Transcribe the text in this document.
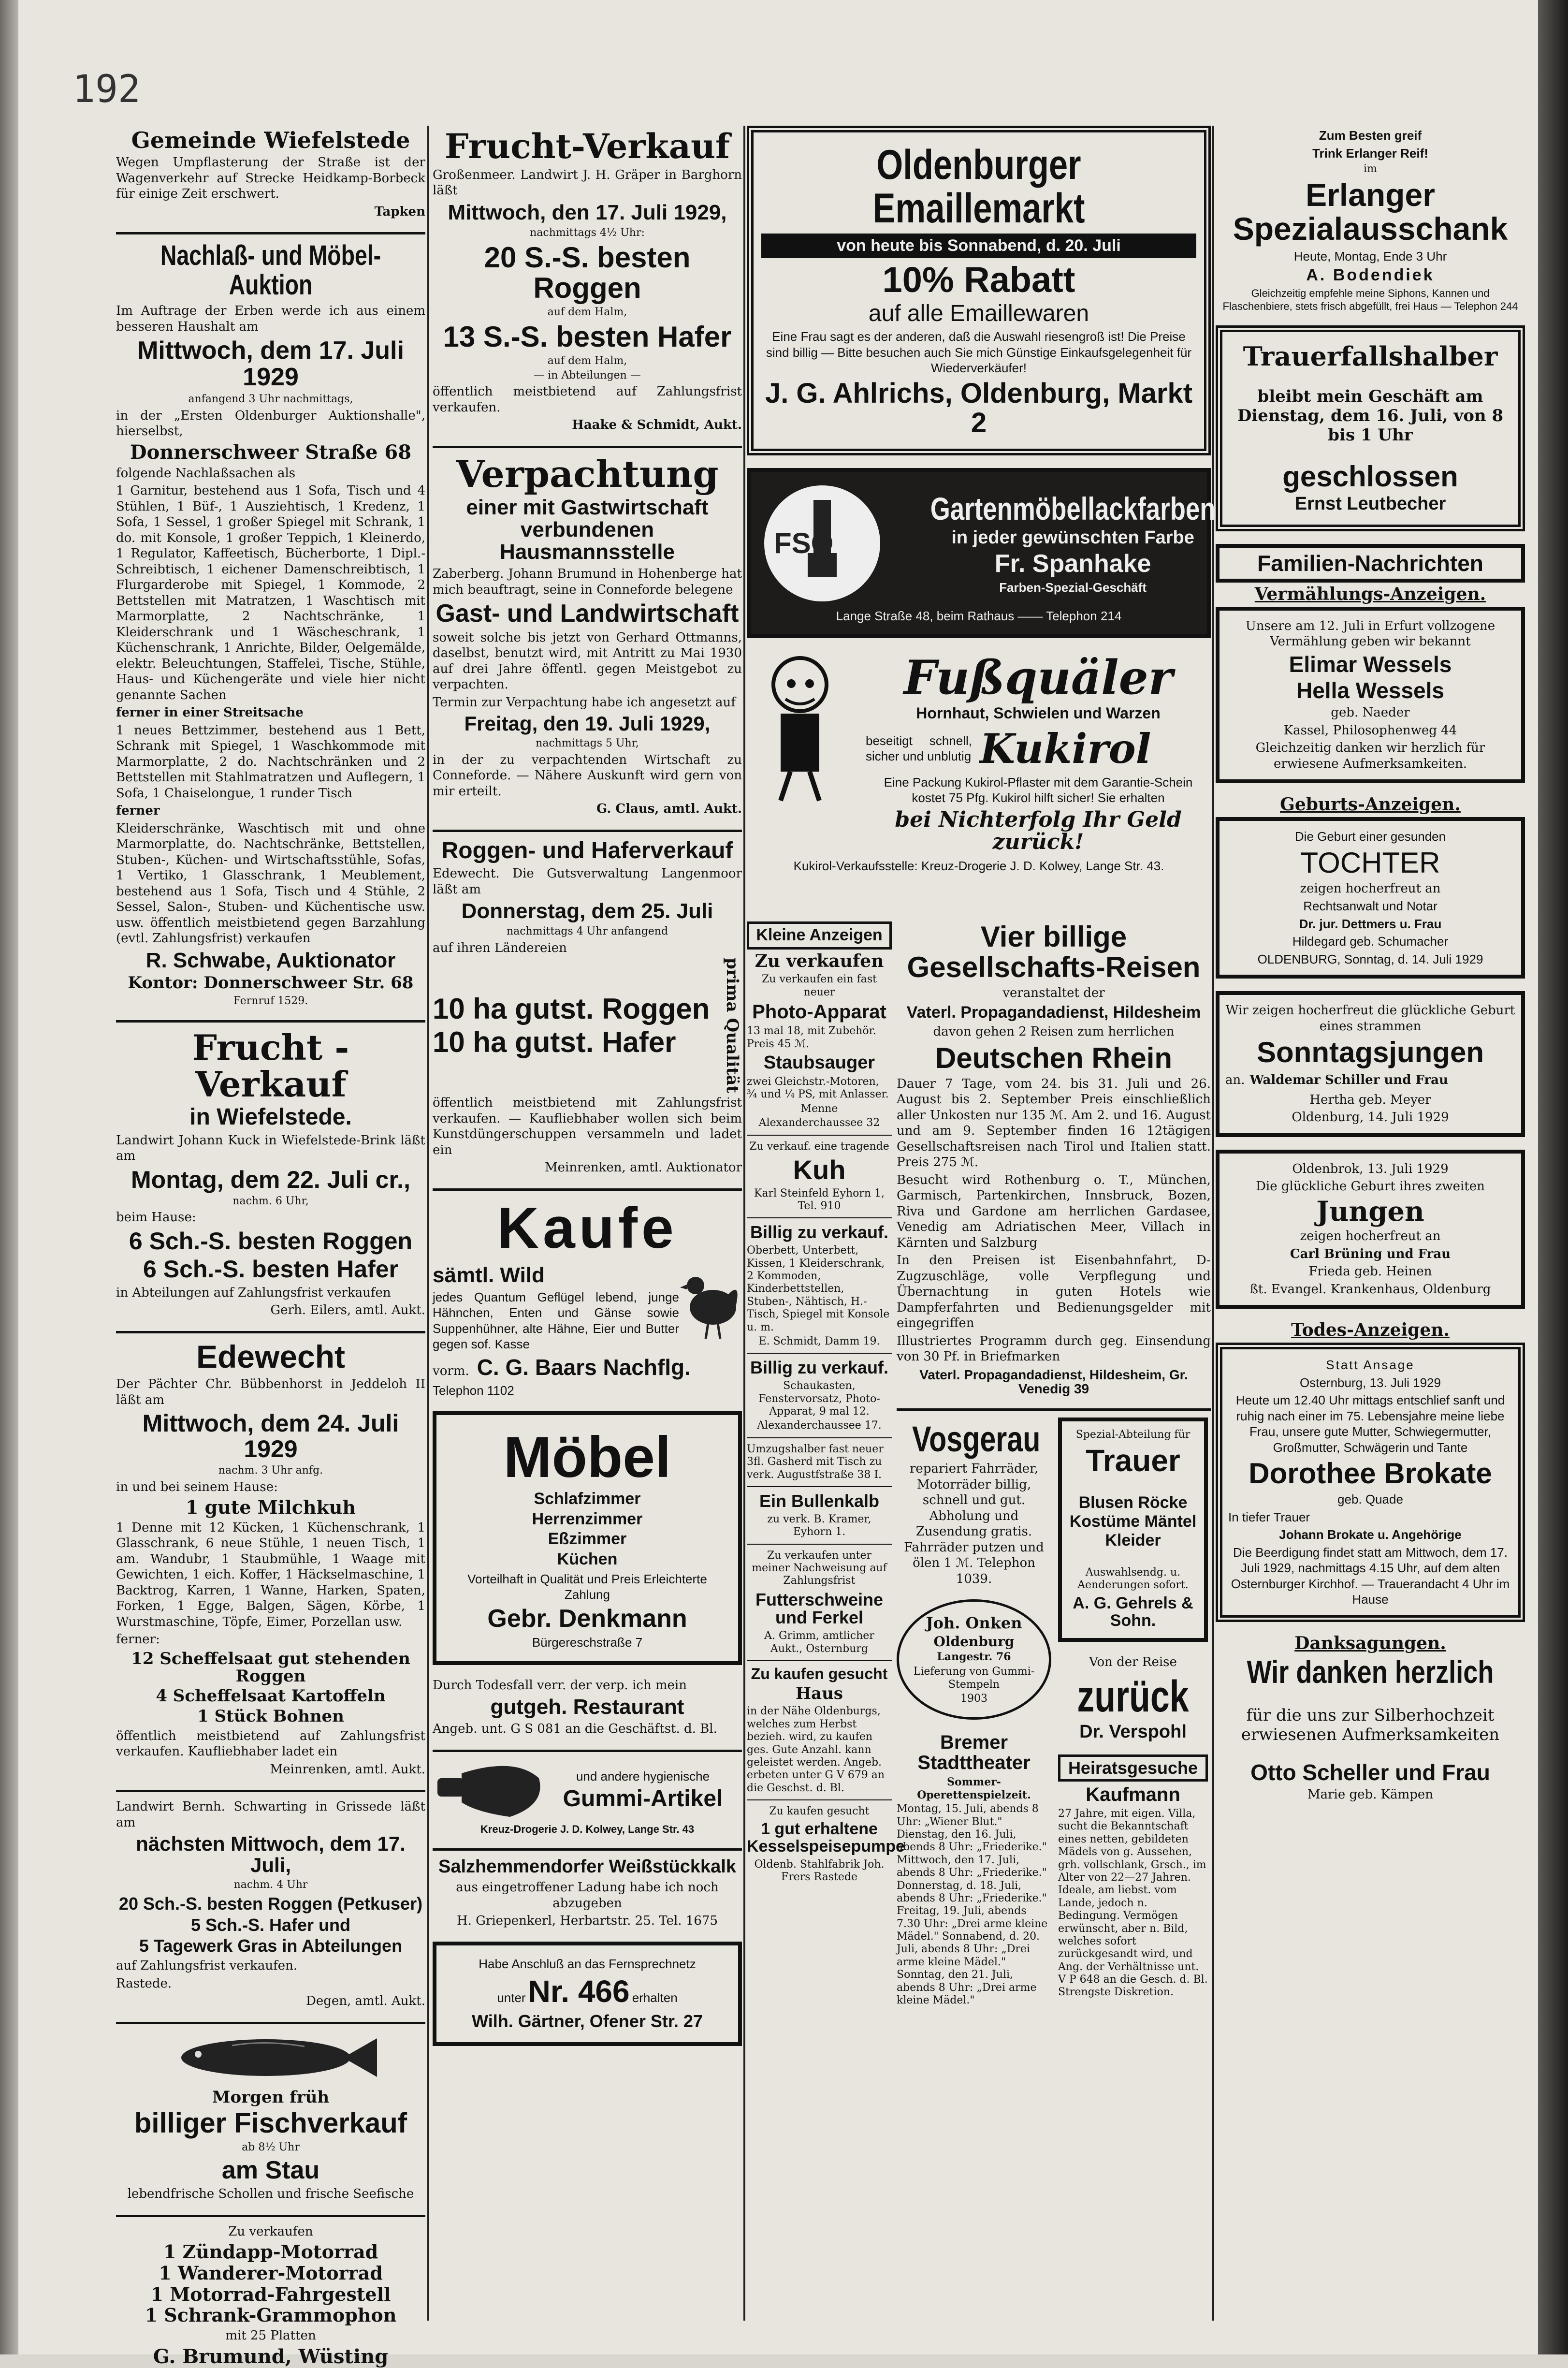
192
Gemeinde Wiefelstede

Wegen Umpflasterung der Straße ist der Wagenverkehr auf Strecke Heidkamp-Borbeck für einige Zeit erschwert.

Tapken

Nachlaß- und Möbel-Auktion

Im Auftrage der Erben werde ich aus einem besseren Haushalt am

Mittwoch, dem 17. Juli 1929

anfangend 3 Uhr nachmittags,

in der „Ersten Oldenburger Auktionshalle", hierselbst,

Donnerschweer Straße 68

folgende Nachlaßsachen als

1 Garnitur, bestehend aus 1 Sofa, Tisch und 4 Stühlen, 1 Büf-, 1 Ausziehtisch, 1 Kredenz, 1 Sofa, 1 Sessel, 1 großer Spiegel mit Schrank, 1 do. mit Konsole, 1 großer Teppich, 1 Kleinerdo, 1 Regulator, Kaffeetisch, Bücherborte, 1 Dipl.-Schreibtisch, 1 eichener Damenschreibtisch, 1 Flurgarderobe mit Spiegel, 1 Kommode, 2 Bettstellen mit Matratzen, 1 Waschtisch mit Marmorplatte, 2 Nachtschränke, 1 Kleiderschrank und 1 Wäscheschrank, 1 Küchenschrank, 1 Anrichte, Bilder, Oelgemälde, elektr. Beleuchtungen, Staffelei, Tische, Stühle, Haus- und Küchengeräte und viele hier nicht genannte Sachen

ferner in einer Streitsache

1 neues Bettzimmer, bestehend aus 1 Bett, Schrank mit Spiegel, 1 Waschkommode mit Marmorplatte, 2 do. Nachtschränken und 2 Bettstellen mit Stahlmatratzen und Auflegern, 1 Sofa, 1 Chaiselongue, 1 runder Tisch

ferner

Kleiderschränke, Waschtisch mit und ohne Marmorplatte, do. Nachtschränke, Bettstellen, Stuben-, Küchen- und Wirtschaftsstühle, Sofas, 1 Vertiko, 1 Glasschrank, 1 Meublement, bestehend aus 1 Sofa, Tisch und 4 Stühle, 2 Sessel, Salon-, Stuben- und Küchentische usw. usw. öffentlich meistbietend gegen Barzahlung (evtl. Zahlungsfrist) verkaufen

R. Schwabe, Auktionator
Kontor: Donnerschweer Str. 68

Fernruf 1529.

Frucht - Verkauf
in Wiefelstede.

Landwirt Johann Kuck in Wiefelstede-Brink läßt am

Montag, dem 22. Juli cr.,

nachm. 6 Uhr,

beim Hause:

6 Sch.-S. besten Roggen
6 Sch.-S. besten Hafer

in Abteilungen auf Zahlungsfrist verkaufen

Gerh. Eilers, amtl. Aukt.

Edewecht

Der Pächter Chr. Bübbenhorst in Jeddeloh II läßt am

Mittwoch, dem 24. Juli 1929

nachm. 3 Uhr anfg.

in und bei seinem Hause:

1 gute Milchkuh

1 Denne mit 12 Kücken, 1 Küchenschrank, 1 Glasschrank, 6 neue Stühle, 1 neuen Tisch, 1 am. Wandubr, 1 Staubmühle, 1 Waage mit Gewichten, 1 eich. Koffer, 1 Häckselmaschine, 1 Backtrog, Karren, 1 Wanne, Harken, Spaten, Forken, 1 Egge, Balgen, Sägen, Körbe, 1 Wurstmaschine, Töpfe, Eimer, Porzellan usw.

ferner:

12 Scheffelsaat gut stehenden Roggen
4 Scheffelsaat Kartoffeln
1 Stück Bohnen

öffentlich meistbietend auf Zahlungsfrist verkaufen. Kaufliebhaber ladet ein

Meinrenken, amtl. Aukt.

Landwirt Bernh. Schwarting in Grissede läßt am

nächsten Mittwoch, dem 17. Juli,

nachm. 4 Uhr

20 Sch.-S. besten Roggen (Petkuser)
5 Sch.-S. Hafer und
5 Tagewerk Gras in Abteilungen

auf Zahlungsfrist verkaufen.

Rastede.

Degen, amtl. Aukt.

Morgen früh
billiger Fischverkauf

ab 8½ Uhr

am Stau

lebendfrische Schollen und frische Seefische

Zu verkaufen

1 Zündapp-Motorrad
1 Wanderer-Motorrad
1 Motorrad-Fahrgestell
1 Schrank-Grammophon

mit 25 Platten

G. Brumund, Wüsting
Frucht-Verkauf

Großenmeer. Landwirt J. H. Gräper in Barghorn läßt

Mittwoch, den 17. Juli 1929,

nachmittags 4½ Uhr:

20 S.-S. besten Roggen

auf dem Halm,

13 S.-S. besten Hafer

auf dem Halm,

— in Abteilungen —

öffentlich meistbietend auf Zahlungsfrist verkaufen.

Haake & Schmidt, Aukt.

Verpachtung
einer mit Gastwirtschaft verbundenen Hausmannsstelle

Zaberberg. Johann Brumund in Hohenberge hat mich beauftragt, seine in Conneforde belegene

Gast- und Landwirtschaft

soweit solche bis jetzt von Gerhard Ottmanns, daselbst, benutzt wird, mit Antritt zu Mai 1930 auf drei Jahre öffentl. gegen Meistgebot zu verpachten.

Termin zur Verpachtung habe ich angesetzt auf

Freitag, den 19. Juli 1929,

nachmittags 5 Uhr,

in der zu verpachtenden Wirtschaft zu Conneforde. — Nähere Auskunft wird gern von mir erteilt.

G. Claus, amtl. Aukt.

Roggen- und Haferverkauf

Edewecht. Die Gutsverwaltung Langenmoor läßt am

Donnerstag, dem 25. Juli

nachmittags 4 Uhr anfangend

auf ihren Ländereien

10 ha gutst. Roggen
10 ha gutst. Hafer	prima Qualität

öffentlich meistbietend mit Zahlungsfrist verkaufen. — Kaufliebhaber wollen sich beim Kunstdüngerschuppen versammeln und ladet ein

Meinrenken, amtl. Auktionator

Kaufe
sämtl. Wild

jedes Quantum Geflügel lebend, junge Hähnchen, Enten und Gänse sowie Suppenhühner, alte Hähne, Eier und Butter gegen sof. Kasse

vorm. C. G. Baars Nachflg.

Telephon 1102

Möbel
Schlafzimmer
Herrenzimmer
Eßzimmer
Küchen

Vorteilhaft in Qualität und Preis Erleichterte Zahlung

Gebr. Denkmann

Bürgereschstraße 7

Durch Todesfall verr. der verp. ich mein

gutgeh. Restaurant

Angeb. unt. G S 081 an die Geschäftst. d. Bl.

und andere hygienische

Gummi-Artikel

Kreuz-Drogerie J. D. Kolwey, Lange Str. 43

Salzhemmendorfer Weißstückkalk

aus eingetroffener Ladung habe ich noch abzugeben

H. Griepenkerl, Herbartstr. 25. Tel. 1675

Habe Anschluß an das Fernsprechnetz

unter Nr. 466 erhalten
Wilh. Gärtner, Ofener Str. 27
Oldenburger Emaillemarkt
von heute bis Sonnabend, d. 20. Juli
10% Rabatt
auf alle Emaillewaren

Eine Frau sagt es der anderen, daß die Auswahl riesengroß ist! Die Preise sind billig — Bitte besuchen auch Sie mich Günstige Einkaufsgelegenheit für Wiederverkäufer!

J. G. Ahlrichs, Oldenburg, Markt 2
FSO
Gartenmöbellackfarben
in jeder gewünschten Farbe
Fr. Spanhake

Farben-Spezial-Geschäft

Lange Straße 48, beim Rathaus —— Telephon 214

Fußquäler
Hornhaut, Schwielen und Warzen

beseitigt schnell, sicher und unblutig Kukirol

Eine Packung Kukirol-Pflaster mit dem Garantie-Schein kostet 75 Pfg. Kukirol hilft sicher! Sie erhalten

bei Nichterfolg Ihr Geld zurück!

Kukirol-Verkaufsstelle: Kreuz-Drogerie J. D. Kolwey, Lange Str. 43.

Kleine Anzeigen
Zu verkaufen

Zu verkaufen ein fast neuer

Photo-Apparat

13 mal 18, mit Zubehör. Preis 45 ℳ.

Staubsauger

zwei Gleichstr.-Motoren, ¾ und ¼ PS, mit Anlasser.

Menne

Alexanderchaussee 32

Zu verkauf. eine tragende

Kuh

Karl Steinfeld Eyhorn 1, Tel. 910

Billig zu verkauf.

Oberbett, Unterbett, Kissen, 1 Kleiderschrank, 2 Kommoden, Kinderbettstellen, Stuben-, Nähtisch, H.-Tisch, Spiegel mit Konsole u. m.

E. Schmidt, Damm 19.

Billig zu verkauf.

Schaukasten, Fenstervorsatz, Photo-Apparat, 9 mal 12.

Alexanderchaussee 17.

Umzugshalber fast neuer 3fl. Gasherd mit Tisch zu verk. Augustfstraße 38 I.

Ein Bullenkalb

zu verk. B. Kramer, Eyhorn 1.

Zu verkaufen unter meiner Nachweisung auf Zahlungsfrist

Futterschweine und Ferkel

A. Grimm, amtlicher Aukt., Osternburg

Zu kaufen gesucht
Haus

in der Nähe Oldenburgs, welches zum Herbst bezieh. wird, zu kaufen ges. Gute Anzahl. kann geleistet werden. Angeb. erbeten unter G V 679 an die Geschst. d. Bl.

Zu kaufen gesucht

1 gut erhaltene Kesselspeisepumpe

Oldenb. Stahlfabrik Joh. Frers Rastede

Vier billige Gesellschafts-Reisen

veranstaltet der

Vaterl. Propagandadienst, Hildesheim

davon gehen 2 Reisen zum herrlichen

Deutschen Rhein

Dauer 7 Tage, vom 24. bis 31. Juli und 26. August bis 2. September Preis einschließlich aller Unkosten nur 135 ℳ. Am 2. und 16. August und am 9. September finden 16 12tägigen Gesellschaftsreisen nach Tirol und Italien statt. Preis 275 ℳ.

Besucht wird Rothenburg o. T., München, Garmisch, Partenkirchen, Innsbruck, Bozen, Riva und Gardone am herrlichen Gardasee, Venedig am Adriatischen Meer, Villach in Kärnten und Salzburg

In den Preisen ist Eisenbahnfahrt, D-Zugzuschläge, volle Verpflegung und Übernachtung in guten Hotels wie Dampferfahrten und Bedienungsgelder mit eingegriffen

Illustriertes Programm durch geg. Einsendung von 30 Pf. in Briefmarken

Vaterl. Propagandadienst, Hildesheim, Gr. Venedig 39
Vosgerau

repariert Fahrräder, Motorräder billig, schnell und gut. Abholung und Zusendung gratis. Fahrräder putzen und ölen 1 ℳ. Telephon 1039.

Joh. Onken
Oldenburg
Langestr. 76

Lieferung von Gummi-Stempeln

1903

Bremer Stadttheater

Sommer-Operettenspielzeit.

Montag, 15. Juli, abends 8 Uhr: „Wiener Blut." Dienstag, den 16. Juli, abends 8 Uhr: „Friederike." Mittwoch, den 17. Juli, abends 8 Uhr: „Friederike." Donnerstag, d. 18. Juli, abends 8 Uhr: „Friederike." Freitag, 19. Juli, abends 7.30 Uhr: „Drei arme kleine Mädel." Sonnabend, d. 20. Juli, abends 8 Uhr: „Drei arme kleine Mädel." Sonntag, den 21. Juli, abends 8 Uhr: „Drei arme kleine Mädel."

Spezial-Abteilung für

Trauer

Blusen Röcke Kostüme Mäntel Kleider

Auswahlsendg. u. Aenderungen sofort.

A. G. Gehrels & Sohn.

Von der Reise

zurück
Dr. Verspohl
Heiratsgesuche
Kaufmann

27 Jahre, mit eigen. Villa, sucht die Bekanntschaft eines netten, gebildeten Mädels von g. Aussehen, grh. vollschlank, Grsch., im Alter von 22—27 Jahren. Ideale, am liebst. vom Lande, jedoch n. Bedingung. Vermögen erwünscht, aber n. Bild, welches sofort zurückgesandt wird, und Ang. der Verhältnisse unt. V P 648 an die Gesch. d. Bl. Strengste Diskretion.

Zum Besten greif

Trink Erlanger Reif!

im

Erlanger Spezialausschank

Heute, Montag, Ende 3 Uhr

A. Bodendiek

Gleichzeitig empfehle meine Siphons, Kannen und Flaschenbiere, stets frisch abgefüllt, frei Haus — Telephon 244

Trauerfallshalber

bleibt mein Geschäft am Dienstag, dem 16. Juli, von 8 bis 1 Uhr

geschlossen
Ernst Leutbecher
Familien-Nachrichten
Vermählungs-Anzeigen.

Unsere am 12. Juli in Erfurt vollzogene Vermählung geben wir bekannt

Elimar Wessels
Hella Wessels

geb. Naeder

Kassel, Philosophenweg 44

Gleichzeitig danken wir herzlich für erwiesene Aufmerksamkeiten.

Geburts-Anzeigen.

Die Geburt einer gesunden

TOCHTER

zeigen hocherfreut an

Rechtsanwalt und Notar

Dr. jur. Dettmers u. Frau

Hildegard geb. Schumacher

OLDENBURG, Sonntag, d. 14. Juli 1929

Wir zeigen hocherfreut die glückliche Geburt eines strammen

Sonntagsjungen
an. Waldemar Schiller und Frau

Hertha geb. Meyer

Oldenburg, 14. Juli 1929

Oldenbrok, 13. Juli 1929

Die glückliche Geburt ihres zweiten

Jungen

zeigen hocherfreut an

Carl Brüning und Frau

Frieda geb. Heinen

ßt. Evangel. Krankenhaus, Oldenburg

Todes-Anzeigen.

Statt Ansage

Osternburg, 13. Juli 1929

Heute um 12.40 Uhr mittags entschlief sanft und ruhig nach einer im 75. Lebensjahre meine liebe Frau, unsere gute Mutter, Schwiegermutter, Großmutter, Schwägerin und Tante

Dorothee Brokate

geb. Quade

In tiefer Trauer

Johann Brokate u. Angehörige

Die Beerdigung findet statt am Mittwoch, dem 17. Juli 1929, nachmittags 4.15 Uhr, auf dem alten Osternburger Kirchhof. — Trauerandacht 4 Uhr im Hause

Danksagungen.
Wir danken herzlich

für die uns zur Silberhochzeit erwiesenen Aufmerksamkeiten

Otto Scheller und Frau

Marie geb. Kämpen
